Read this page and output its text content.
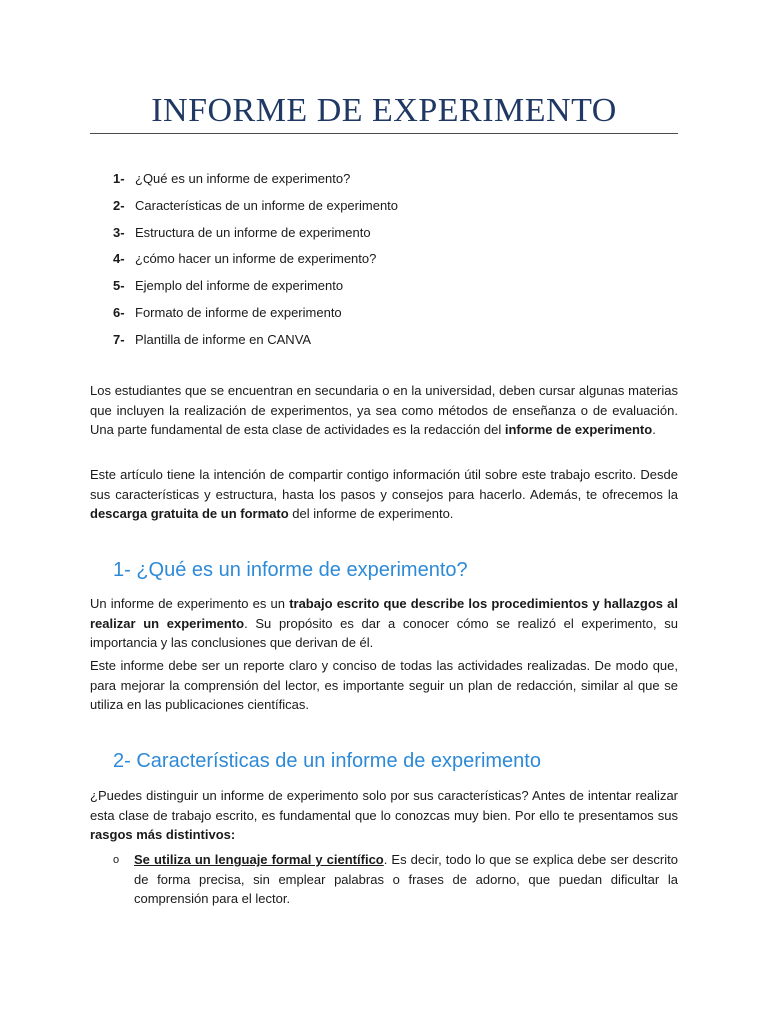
INFORME DE EXPERIMENTO
1- ¿Qué es un informe de experimento?
2- Características de un informe de experimento
3- Estructura de un informe de experimento
4- ¿cómo hacer un informe de experimento?
5- Ejemplo del informe de experimento
6- Formato de informe de experimento
7- Plantilla de informe en CANVA

Los estudiantes que se encuentran en secundaria o en la universidad, deben cursar algunas materias que incluyen la realización de experimentos, ya sea como métodos de enseñanza o de evaluación. Una parte fundamental de esta clase de actividades es la redacción del informe de experimento.

Este artículo tiene la intención de compartir contigo información útil sobre este trabajo escrito. Desde sus características y estructura, hasta los pasos y consejos para hacerlo. Además, te ofrecemos la descarga gratuita de un formato del informe de experimento.

1- ¿Qué es un informe de experimento?

Un informe de experimento es un trabajo escrito que describe los procedimientos y hallazgos al realizar un experimento. Su propósito es dar a conocer cómo se realizó el experimento, su importancia y las conclusiones que derivan de él.

Este informe debe ser un reporte claro y conciso de todas las actividades realizadas. De modo que, para mejorar la comprensión del lector, es importante seguir un plan de redacción, similar al que se utiliza en las publicaciones científicas.

2- Características de un informe de experimento

¿Puedes distinguir un informe de experimento solo por sus características? Antes de intentar realizar esta clase de trabajo escrito, es fundamental que lo conozcas muy bien. Por ello te presentamos sus rasgos más distintivos:

o Se utiliza un lenguaje formal y científico. Es decir, todo lo que se explica debe ser descrito de forma precisa, sin emplear palabras o frases de adorno, que puedan dificultar la comprensión para el lector.
